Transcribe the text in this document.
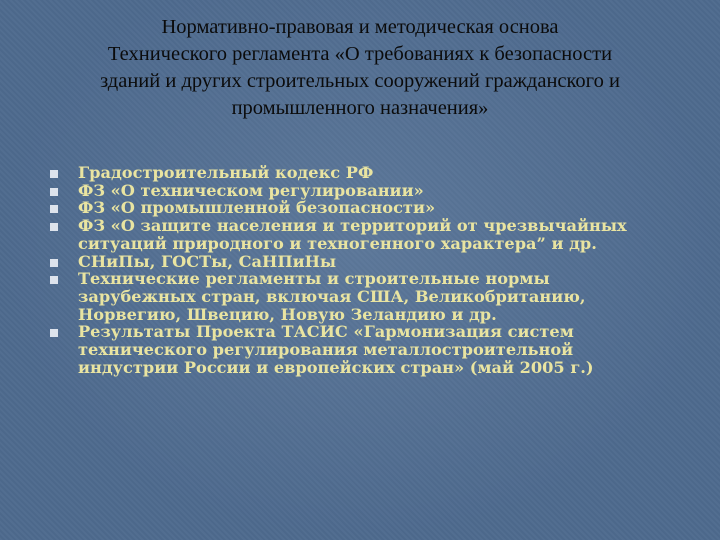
Нормативно-правовая и методическая основа
Технического регламента «О требованиях к безопасности
зданий и других строительных сооружений гражданского и
промышленного назначения»
Градостроительный кодекс РФ
ФЗ «О техническом регулировании»
ФЗ «О промышленной безопасности»
ФЗ «О защите населения и территорий от чрезвычайных
ситуаций природного и техногенного характера” и др.
СНиПы, ГОСТы, СаНПиНы
Технические регламенты и строительные нормы
зарубежных стран, включая США, Великобританию,
Норвегию, Швецию, Новую Зеландию и др.
Результаты Проекта ТАСИС «Гармонизация систем
технического регулирования металлостроительной
индустрии России и европейских стран» (май 2005 г.)
